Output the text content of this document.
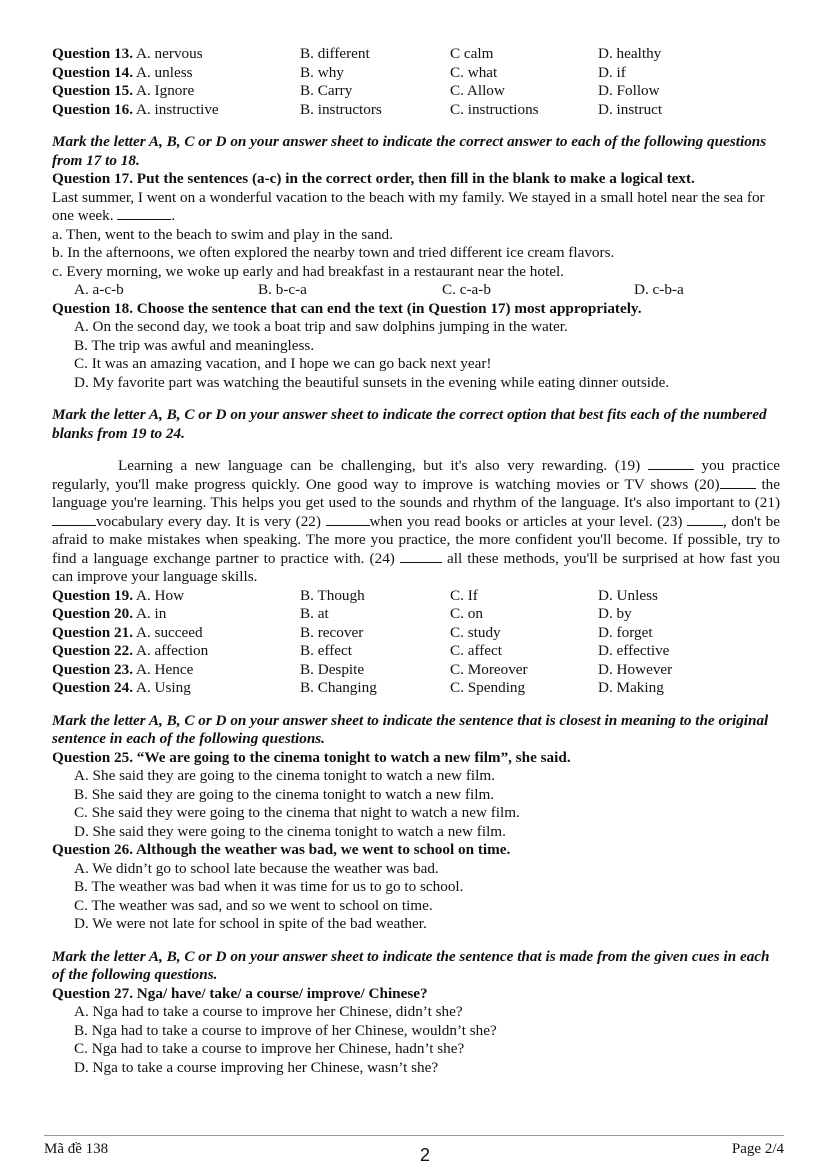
Question 13. A. nervous	B. different	C calm	D. healthy
Question 14. A. unless	B. why	C. what	D. if
Question 15. A. Ignore	B. Carry	C. Allow	D. Follow
Question 16. A. instructive	B. instructors	C. instructions	D. instruct
Mark the letter A, B, C or D on your answer sheet to indicate the correct answer to each of the following questions from 17 to 18.
Question 17. Put the sentences (a-c) in the correct order, then fill in the blank to make a logical text.
Last summer, I went on a wonderful vacation to the beach with my family. We stayed in a small hotel near the sea for one week.	.
a. Then, went to the beach to swim and play in the sand.
b. In the afternoons, we often explored the nearby town and tried different ice cream flavors.
c. Every morning, we woke up early and had breakfast in a restaurant near the hotel.
A. a-c-b	B. b-c-a	C. c-a-b	D. c-b-a
Question 18. Choose the sentence that can end the text (in Question 17) most appropriately.
A. On the second day, we took a boat trip and saw dolphins jumping in the water.
B. The trip was awful and meaningless.
C. It was an amazing vacation, and I hope we can go back next year!
D. My favorite part was watching the beautiful sunsets in the evening while eating dinner outside.
Mark the letter A, B, C or D on your answer sheet to indicate the correct option that best fits each of the numbered blanks from 19 to 24.
Learning a new language can be challenging, but it's also very rewarding. (19)	you practice regularly, you'll make progress quickly. One good way to improve is watching movies or TV shows (20)	the language you're learning. This helps you get used to the sounds and rhythm of the language. It's also important to (21)vocabulary every day. It is very (22)	when you read books or articles at your level. (23)	, don't be afraid to make mistakes when speaking. The more you practice, the more confident you'll become. If possible, try to find a language exchange partner to practice with. (24)	all these methods, you'll be surprised at how fast you can improve your language skills.
Question 19. A. How	B. Though	C. If	D. Unless
Question 20. A. in	B. at	C. on	D. by
Question 21. A. succeed	B. recover	C. study	D. forget
Question 22. A. affection	B. effect	C. affect	D. effective
Question 23. A. Hence	B. Despite	C. Moreover	D. However
Question 24. A. Using	B. Changing	C. Spending	D. Making
Mark the letter A, B, C or D on your answer sheet to indicate the sentence that is closest in meaning to the original sentence in each of the following questions.
Question 25. “We are going to the cinema tonight to watch a new film”, she said.
A. She said they are going to the cinema tonight to watch a new film.
B. She said they are going to the cinema tonight to watch a new film.
C. She said they were going to the cinema that night to watch a new film.
D. She said they were going to the cinema tonight to watch a new film.
Question 26. Although the weather was bad, we went to school on time.
A. We didn’t go to school late because the weather was bad.
B. The weather was bad when it was time for us to go to school.
C. The weather was sad, and so we went to school on time.
D. We were not late for school in spite of the bad weather.
Mark the letter A, B, C or D on your answer sheet to indicate the sentence that is made from the given cues in each of the following questions.
Question 27. Nga/ have/ take/ a course/ improve/ Chinese?
A. Nga had to take a course to improve her Chinese, didn’t she?
B. Nga had to take a course to improve of her Chinese, wouldn’t she?
C. Nga had to take a course to improve her Chinese, hadn’t she?
D. Nga to take a course improving her Chinese, wasn’t she?
Mã đề 138	2	Page 2/4
